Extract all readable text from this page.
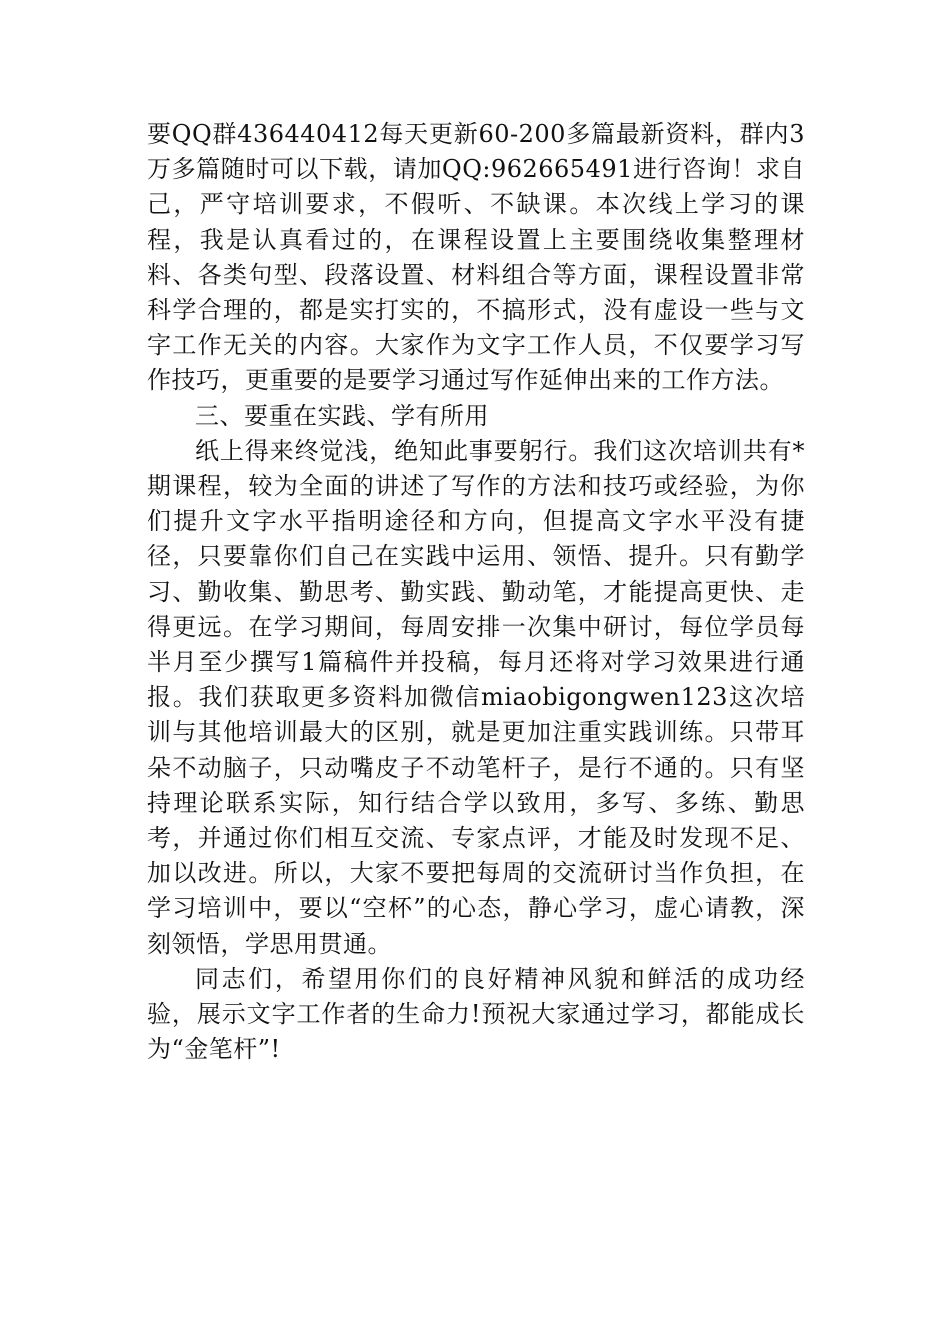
要QQ群436440412每天更新60-200多篇最新资料，群内3万多篇随时可以下载，请加QQ:962665491进行咨询！求自己，严守培训要求，不假听、不缺课。本次线上学习的课程，我是认真看过的，在课程设置上主要围绕收集整理材料、各类句型、段落设置、材料组合等方面，课程设置非常科学合理的，都是实打实的，不搞形式，没有虚设一些与文字工作无关的内容。大家作为文字工作人员，不仅要学习写作技巧，更重要的是要学习通过写作延伸出来的工作方法。

三、要重在实践、学有所用

纸上得来终觉浅，绝知此事要躬行。我们这次培训共有*期课程，较为全面的讲述了写作的方法和技巧或经验，为你们提升文字水平指明途径和方向，但提高文字水平没有捷径，只要靠你们自己在实践中运用、领悟、提升。只有勤学习、勤收集、勤思考、勤实践、勤动笔，才能提高更快、走得更远。在学习期间，每周安排一次集中研讨，每位学员每半月至少撰写1篇稿件并投稿，每月还将对学习效果进行通报。我们获取更多资料加微信miaobigongwen123这次培训与其他培训最大的区别，就是更加注重实践训练。只带耳朵不动脑子，只动嘴皮子不动笔杆子，是行不通的。只有坚持理论联系实际，知行结合学以致用，多写、多练、勤思考，并通过你们相互交流、专家点评，才能及时发现不足、加以改进。所以，大家不要把每周的交流研讨当作负担，在学习培训中，要以“空杯”的心态，静心学习，虚心请教，深刻领悟，学思用贯通。

同志们，希望用你们的良好精神风貌和鲜活的成功经验，展示文字工作者的生命力!预祝大家通过学习，都能成长为“金笔杆”!
